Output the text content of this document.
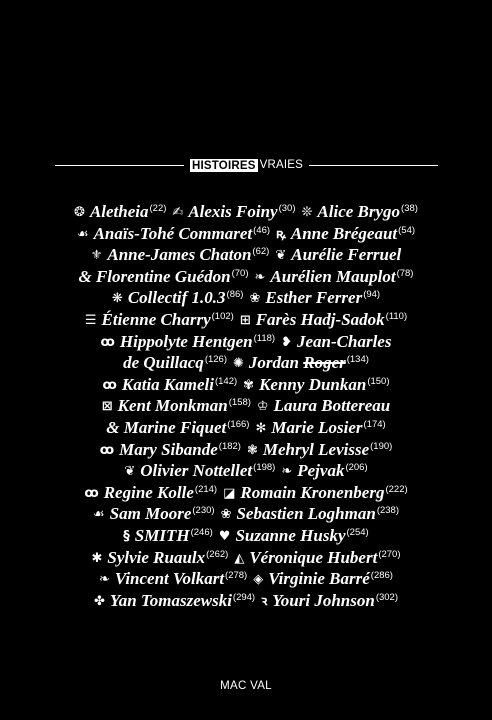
HISTOIRES VRAIES
❂ Aletheia$^{(22)}$ ✍ Alexis Foiny$^{(30)}$ ❊ Alice Brygo$^{(38)}$
☙ Anaïs-Tohé Commaret$^{(46)}$ ꝶ Anne Brégeaut$^{(54)}$
⚜ Anne-James Chaton$^{(62)}$ ❦ Aurélie Ferruel
& Florentine Guédon$^{(70)}$ ❧ Aurélien Mauplot$^{(78)}$
❋ Collectif 1.0.3$^{(86)}$ ❀ Esther Ferrer$^{(94)}$
☰ Étienne Charry$^{(102)}$ ⊞ Farès Hadj-Sadok$^{(110)}$
ꝏ Hippolyte Hentgen$^{(118)}$ ❥ Jean-Charles
de Quillacq$^{(126)}$ ✺ Jordan Roger$^{(134)}$
ꝏ Katia Kameli$^{(142)}$ ✾ Kenny Dunkan$^{(150)}$
⊠ Kent Monkman$^{(158)}$ ♔ Laura Bottereau
& Marine Fiquet$^{(166)}$ ✻ Marie Losier$^{(174)}$
ꝏ Mary Sibande$^{(182)}$ ❃ Mehryl Levisse$^{(190)}$
❦ Olivier Nottellet$^{(198)}$ ❧ Pejvak$^{(206)}$
ꝏ Regine Kolle$^{(214)}$ ◪ Romain Kronenberg$^{(222)}$
☙ Sam Moore$^{(230)}$ ❀ Sebastien Loghman$^{(238)}$
§ SMITH$^{(246)}$ ♥ Suzanne Husky$^{(254)}$
✱ Sylvie Ruaulx$^{(262)}$ ◭ Véronique Hubert$^{(270)}$
❧ Vincent Volkart$^{(278)}$ ◈ Virginie Barré$^{(286)}$
✤ Yan Tomaszewski$^{(294)}$ ꝛ Youri Johnson$^{(302)}$
MAC VAL
